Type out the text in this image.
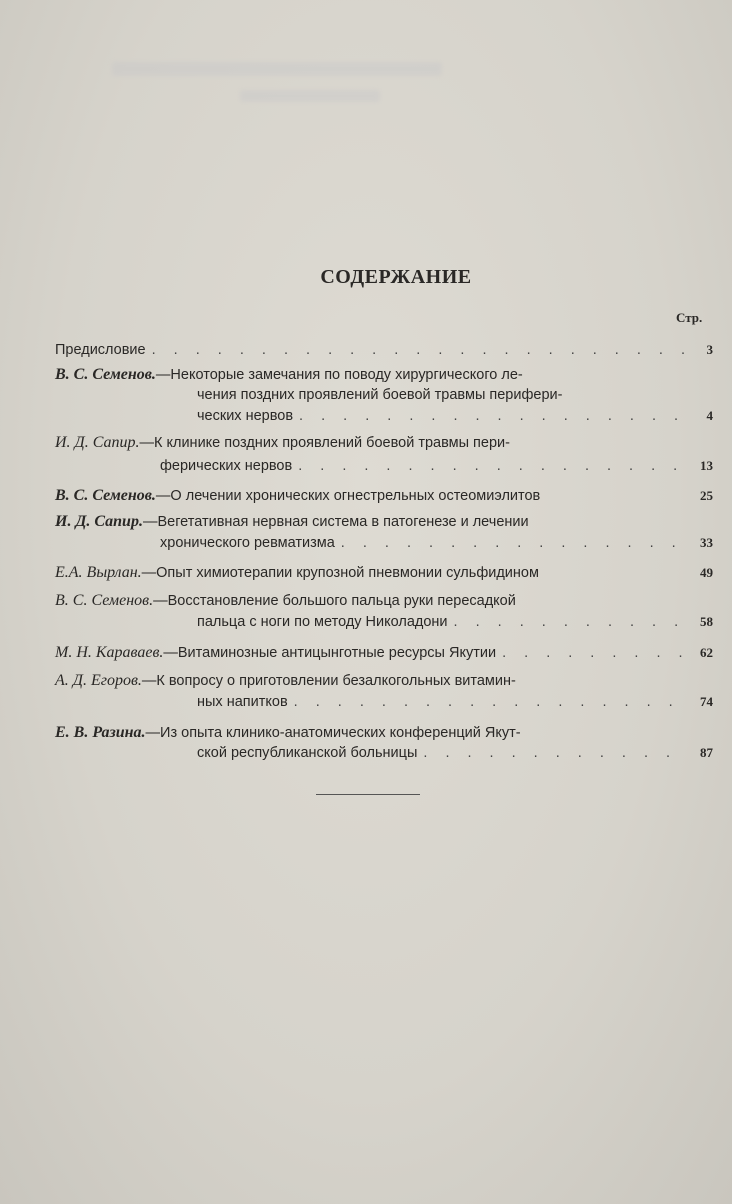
СОДЕРЖАНИЕ
Стр.
Предисловие . . .	3
В. С. Семенов. —Некоторые замечания по поводу хирургического ле-
чения поздних проявлений боевой травмы перифери-
ческих нервов . . .	4
И. Д. Сапир. —К клинике поздних проявлений боевой травмы пери-
ферических нервов . . .	13
В. С. Семенов. —О лечении хронических огнестрельных остеомиэлитов	25
И. Д. Сапир. —Вегетативная нервная система в патогенезе и лечении
хронического ревматизма . . .	33
Е.А. Вырлан. —Опыт химиотерапии крупозной пневмонии сульфидином	49
В. С. Семенов. —Восстановление большого пальца руки пересадкой
пальца с ноги по методу Николадони . . .	58
М. Н. Караваев. —Витаминозные антицынготные ресурсы Якутии . . .	62
А. Д. Егоров. —К вопросу о приготовлении безалкогольных витамин-
ных напитков . . .	74
Е. В. Разина. —Из опыта клинико-анатомических конференций Якут-
ской республиканской больницы . . .	87
